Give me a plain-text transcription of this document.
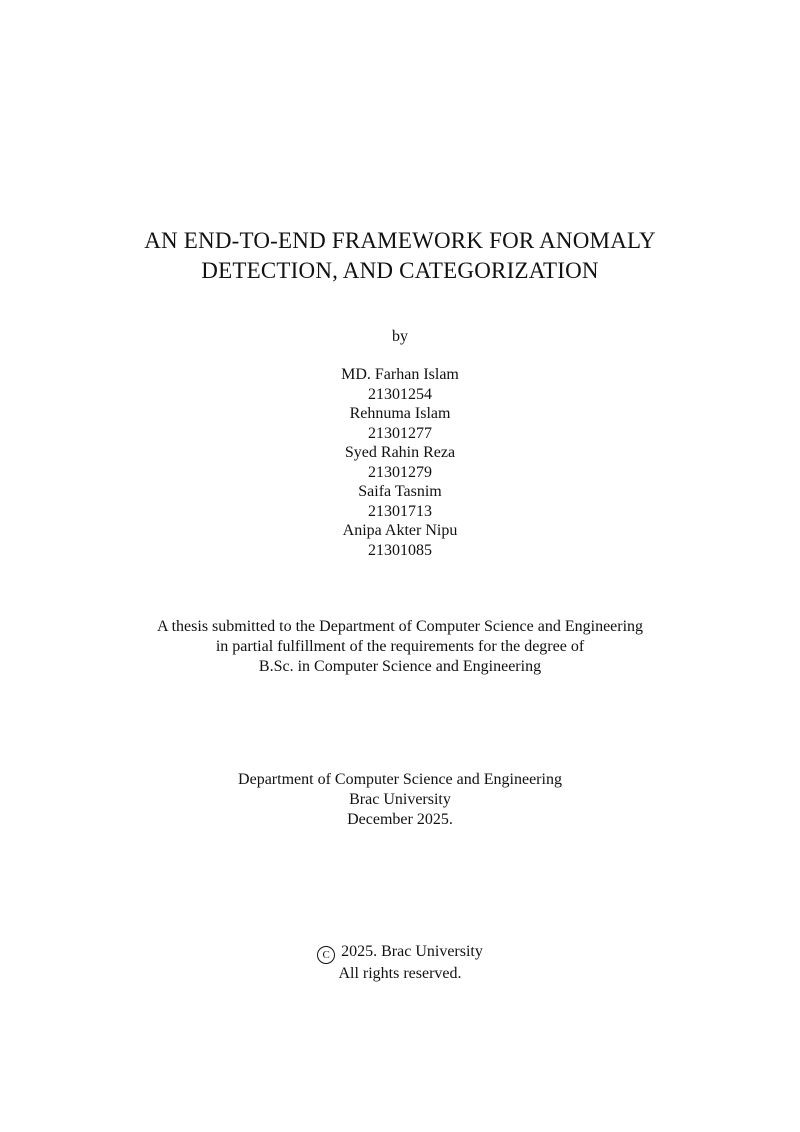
AN END-TO-END FRAMEWORK FOR ANOMALY
DETECTION, AND CATEGORIZATION
by
MD. Farhan Islam
21301254
Rehnuma Islam
21301277
Syed Rahin Reza
21301279
Saifa Tasnim
21301713
Anipa Akter Nipu
21301085
A thesis submitted to the Department of Computer Science and Engineering
in partial fulfillment of the requirements for the degree of
B.Sc. in Computer Science and Engineering
Department of Computer Science and Engineering
Brac University
December 2025.
C 2025. Brac University
All rights reserved.
